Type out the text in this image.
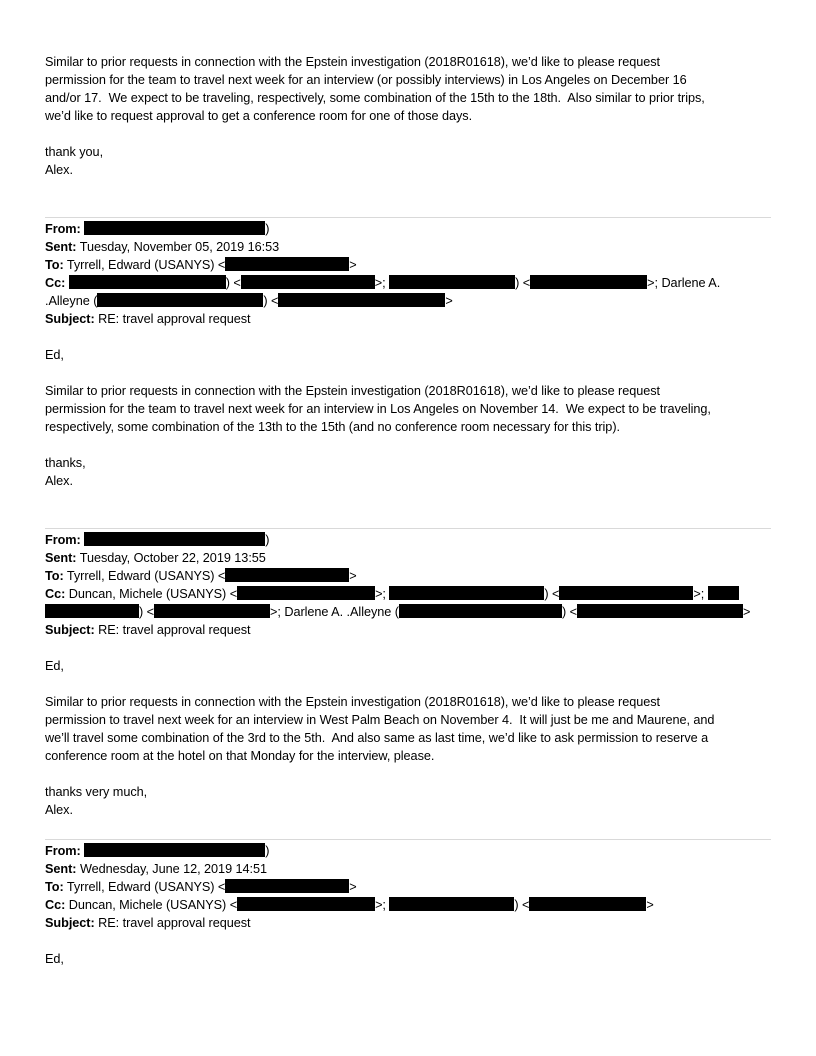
Similar to prior requests in connection with the Epstein investigation (2018R01618), we’d like to please request
permission for the team to travel next week for an interview (or possibly interviews) in Los Angeles on December 16
and/or 17.  We expect to be traveling, respectively, some combination of the 15th to the 18th.  Also similar to prior trips,
we’d like to request approval to get a conference room for one of those days.
thank you,
Alex.
From:	)
Sent: Tuesday, November 05, 2019 16:53
To: Tyrrell, Edward (USANYS) <	>
Cc:	) <	>;	) <	>; Darlene A.
.Alleyne (	) <	>
Subject: RE: travel approval request
Ed,
Similar to prior requests in connection with the Epstein investigation (2018R01618), we’d like to please request
permission for the team to travel next week for an interview in Los Angeles on November 14.  We expect to be traveling,
respectively, some combination of the 13th to the 15th (and no conference room necessary for this trip).
thanks,
Alex.
From:	)
Sent: Tuesday, October 22, 2019 13:55
To: Tyrrell, Edward (USANYS) <	>
Cc: Duncan, Michele (USANYS) <	>;	) <	>;
) <	>; Darlene A. .Alleyne (	) <	>
Subject: RE: travel approval request
Ed,
Similar to prior requests in connection with the Epstein investigation (2018R01618), we’d like to please request
permission to travel next week for an interview in West Palm Beach on November 4.  It will just be me and Maurene, and
we’ll travel some combination of the 3rd to the 5th.  And also same as last time, we’d like to ask permission to reserve a
conference room at the hotel on that Monday for the interview, please.
thanks very much,
Alex.
From:	)
Sent: Wednesday, June 12, 2019 14:51
To: Tyrrell, Edward (USANYS) <	>
Cc: Duncan, Michele (USANYS) <	>;	) <	>
Subject: RE: travel approval request
Ed,
